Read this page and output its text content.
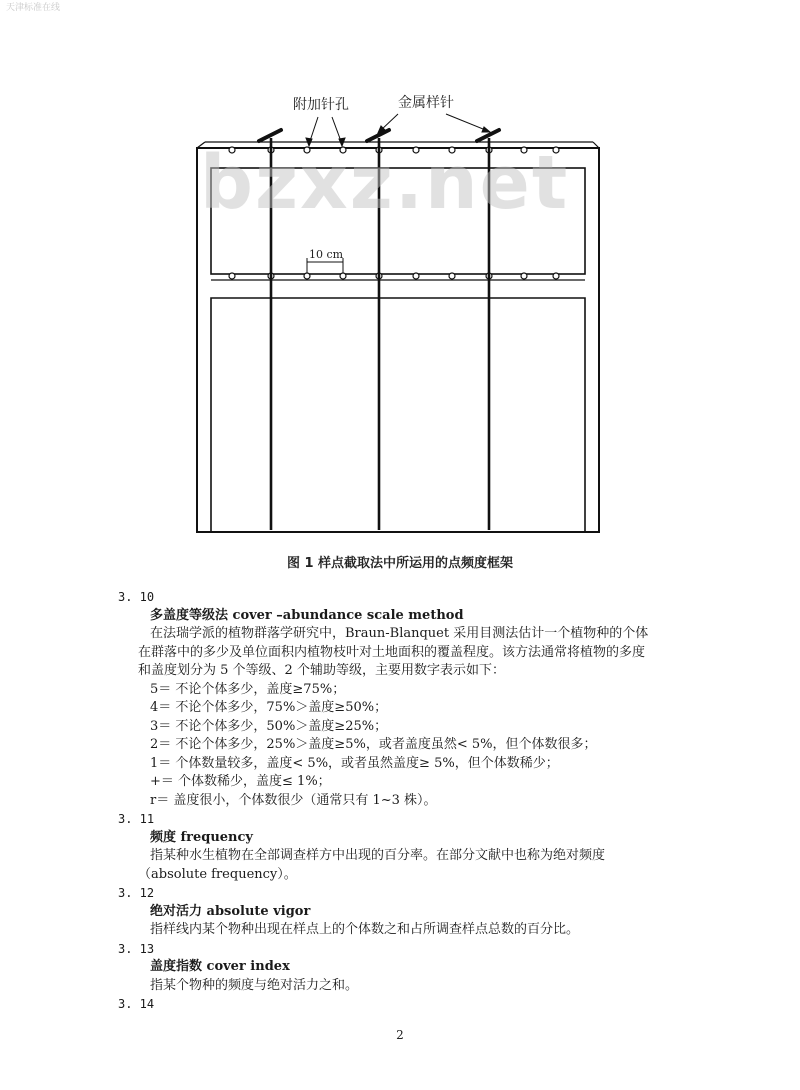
天津标准在线
bzxz.net
附加针孔	金属样针
10 cm
图 1 样点截取法中所运用的点频度框架

3. 10

多盖度等级法 cover –abundance scale method

在法瑞学派的植物群落学研究中，Braun-Blanquet 采用目测法估计一个植物种的个体

在群落中的多少及单位面积内植物枝叶对土地面积的覆盖程度。该方法通常将植物的多度

和盖度划分为 5 个等级、2 个辅助等级，主要用数字表示如下：

5＝ 不论个体多少，盖度≥75%；

4＝ 不论个体多少，75%＞盖度≥50%；

3＝ 不论个体多少，50%＞盖度≥25%；

2＝ 不论个体多少，25%＞盖度≥5%，或者盖度虽然< 5%，但个体数很多；

1＝ 个体数量较多，盖度< 5%，或者虽然盖度≥ 5%，但个体数稀少；

+＝ 个体数稀少，盖度≤ 1%；

r＝ 盖度很小，个体数很少（通常只有 1~3 株）。

3. 11

频度 frequency

指某种水生植物在全部调查样方中出现的百分率。在部分文献中也称为绝对频度

（absolute frequency）。

3. 12

绝对活力 absolute vigor

指样线内某个物种出现在样点上的个体数之和占所调查样点总数的百分比。

3. 13

盖度指数 cover index

指某个物种的频度与绝对活力之和。

3. 14

2
